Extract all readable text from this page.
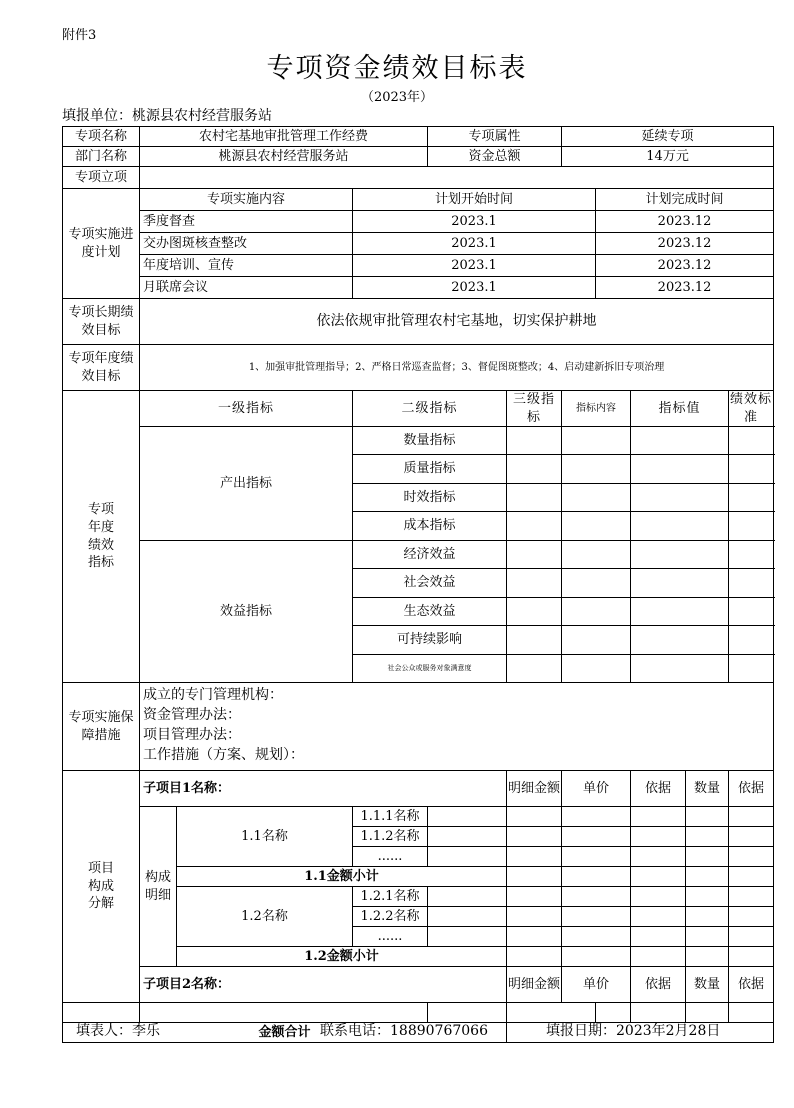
附件3
专项资金绩效目标表
（2023年）
填报单位：桃源县农村经营服务站
专项名称	农村宅基地审批管理工作经费			专项属性		延续专项					
部门名称	桃源县农村经营服务站			资金总额		14万元					
专项立项											
专项实施进度计划	专项实施内容		计划开始时间				计划完成时间				
	季度督查		2023.1				2023.12				
	交办图斑核查整改		2023.1				2023.12				
	年度培训、宣传		2023.1				2023.12				
	月联席会议		2023.1				2023.12				
专项长期绩效目标	依法依规审批管理农村宅基地，切实保护耕地										
专项年度绩效目标	1、加强审批管理指导；2、严格日常巡查监督；3、督促图斑整改；4、启动建新拆旧专项治理										
专项年度绩效指标	一级指标		二级指标		三级指标	指标内容		指标值		绩效标准	
	产出指标		数量指标								
			质量指标								
			时效指标								
			成本指标								
	效益指标		经济效益								
			社会效益								
			生态效益								
			可持续影响								
			社会公众或服务对象满意度								
专项实施保障措施	成立的专门管理机构：
资金管理办法：
项目管理办法：
工作措施（方案、规划）：										

项目构成分解	子项目1名称：				明细金额	单价		依据	数量	依据	
	构成明细	1.1名称	1.1.1名称								
			1.1.2名称								
			......								
		1.1金额小计									
		1.2名称	1.2.1名称								
			1.2.2名称								
			......								
		1.2金额小计									
	子项目2名称：				明细金额	单价		依据	数量	依据	

金额合计											
填表人：李乐	联系电话：18890767066	填报日期：2023年2月28日
